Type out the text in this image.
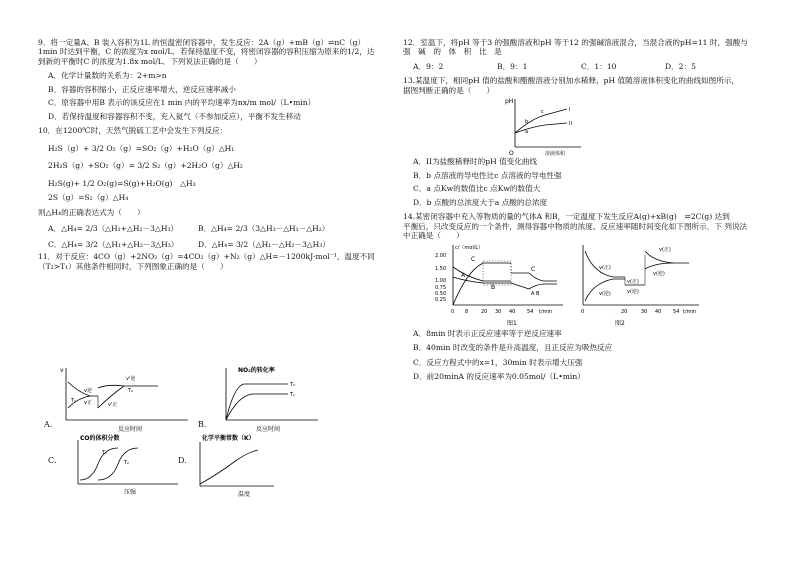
9．将一定量A、B 装入容积为1L 的恒温密闭容器中，发生反应：2A（g）+mB（g）⇌nC（g）

1min 时达到平衡，C 的浓度为x mol/L．若保持温度不变，将密闭容器的容积压缩为原来的1/2，达

到新的平衡时C 的浓度为1.8x mol/L．下列说法正确的是（　　）

A．化学计量数的关系为：2+m>n

B．容器的容积缩小，正反应速率增大，逆反应速率减小

C．原容器中用B 表示的该反应在1 min 内的平均速率为nx/m mol/（L•min）

D．若保持温度和容器容积不变，充入氦气（不参加反应），平衡不发生移动

10．在1200℃时，天然气脱硫工艺中会发生下列反应：

H₂S（g）+ 3/2 O₂（g）=SO₂（g）+H₂O（g）△H₁

2H₂S（g）+SO₂（g）= 3/2 S₂（g）+2H₂O（g）△H₂

H₂S(g)+ 1/2 O₂(g)=S(g)+H₂O(g)　△H₃

2S（g）=S₂（g）△H₄

则△H₄的正确表达式为（　　）

A．△H₄= 2/3（△H₁+△H₂－3△H₃）	B．△H₄= 2/3（3△H₃－△H₁－△H₂）

C．△H₄= 3/2（△H₁+△H₂－3△H₃）	D．△H₄= 3/2（△H₁－△H₂－3△H₃）

11．对于反应：4CO（g）+2NO₂（g）=4CO₂（g）+N₂（g）△H=－1200kJ·mol⁻¹，温度不同

（T₂>T₁）其他条件相同时，下列图象正确的是（　　）

A．
v
v逆
v正
T₁
v'逆
v'正
T₂
反应时间
B．
NO₂的转化率
T₂
T₁
反应时间
C．
CO的体积分数
T₁
T₂
压强
D．
化学平衡常数（K）
温度

12．室温下，将pH 等于3 的强酸溶液和pH 等于12 的强碱溶液混合，当混合液的pH=11 时，强酸与

强　碱　的　体　积　比　是

A．9：2	B．9：1	C．1：10	D．2：5

13.某温度下，相同pH 值的盐酸和醋酸溶液分别加水稀释，pH 值随溶液体积变化的曲线如图所示，

据图判断正确的是（　　）

pH
O
I
II
a
b
c
溶液体积

A．II为盐酸稀释时的pH 值变化曲线

B．b 点溶液的导电性比c 点溶液的导电性强

C．a 点Kw的数值比c 点Kw的数值大

D．b 点酸的总浓度大于a 点酸的总浓度

14.某密闭容器中充入等物质的量的气体A 和B，一定温度下发生反应A(g)+xB(g)　⇌2C(g) 达到

平衡后，只改变反应的一个条件，测得容器中物质的浓度、反应速率随时间变化如下图所示．下 列说法

中正确是（　　）

c/（mol/L）
2.00
1.50
1.00
0.75
0.50
0.25
C
A
B
C
A B
0 8	20 30 40 54 t/min
图1
v(正)
v(逆)
v(正)
v(正)
v(逆)
v(逆)
0	20	30 40 54 t/min
图2

A．8min 时表示正反应速率等于逆反应速率

B．40min 时改变的条件是升高温度，且正反应为吸热反应

C．反应方程式中的x=1，30min 时表示增大压强

D．前20minA 的反应速率为0.05mol/（L•min）
